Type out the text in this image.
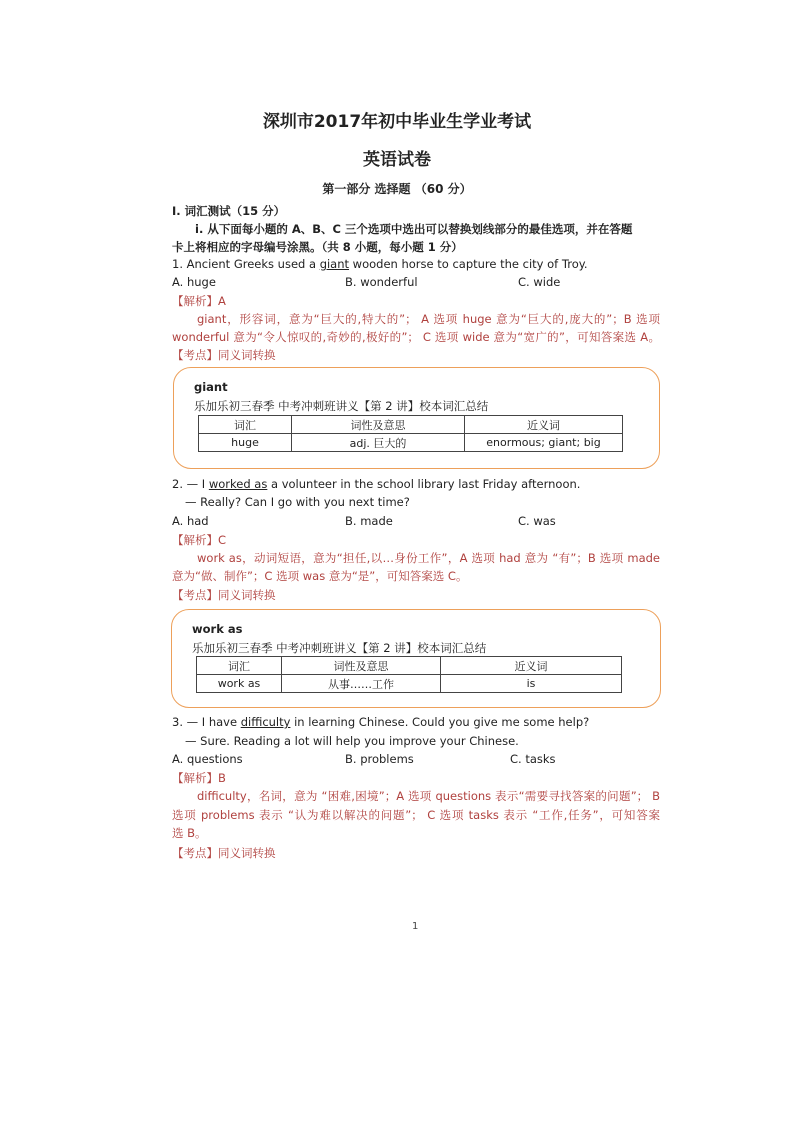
深圳市2017年初中毕业生学业考试
英语试卷
第一部分 选择题 （60 分）
I. 词汇测试（15 分）
i. 从下面每小题的 A、B、C 三个选项中选出可以替换划线部分的最佳选项，并在答题
卡上将相应的字母编号涂黑。（共 8 小题，每小题 1 分）
1. Ancient Greeks used a giant wooden horse to capture the city of Troy.
A. huge	B. wonderful	C. wide
【解析】A
giant，形容词，意为“巨大的,特大的”； A 选项 huge 意为“巨大的,庞大的”；B 选项
wonderful 意为“令人惊叹的,奇妙的,极好的”； C 选项 wide 意为“宽广的”，可知答案选 A。
【考点】同义词转换
giant
乐加乐初三春季 中考冲刺班讲义【第 2 讲】校本词汇总结
词汇	词性及意思	近义词
huge	adj. 巨大的	enormous; giant; big
2. — I worked as a volunteer in the school library last Friday afternoon.
— Really? Can I go with you next time?
A. had	B. made	C. was
【解析】C
work as，动词短语，意为“担任,以…身份工作”，A 选项 had 意为 “有”；B 选项 made
意为“做、制作”；C 选项 was 意为“是”，可知答案选 C。
【考点】同义词转换
work as
乐加乐初三春季 中考冲刺班讲义【第 2 讲】校本词汇总结
词汇	词性及意思	近义词
work as	从事……工作	is
3. — I have difficulty in learning Chinese. Could you give me some help?
— Sure. Reading a lot will help you improve your Chinese.
A. questions	B. problems	C. tasks
【解析】B
difficulty，名词，意为 “困难,困境”；A 选项 questions 表示“需要寻找答案的问题”； B
选项 problems 表示 “认为难以解决的问题”； C 选项 tasks 表示 “工作,任务”，可知答案
选 B。
【考点】同义词转换
1
